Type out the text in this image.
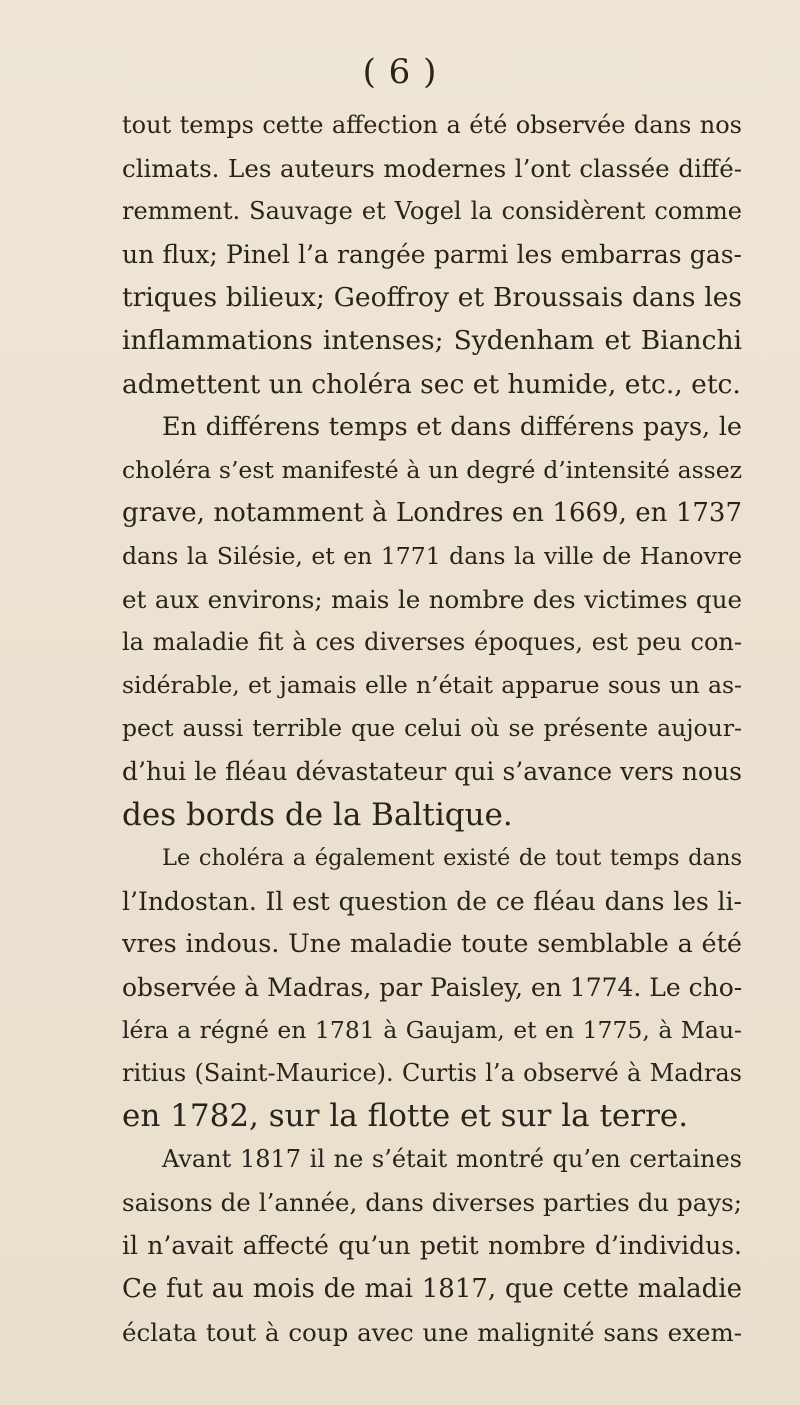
( 6 )
tout temps cette affection a été observée dans nos
climats. Les auteurs modernes l’ont classée diffé-
remment. Sauvage et Vogel la considèrent comme
un flux; Pinel l’a rangée parmi les embarras gas-
triques bilieux; Geoffroy et Broussais dans les
inflammations intenses; Sydenham et Bianchi
admettent un choléra sec et humide, etc., etc.
En différens temps et dans différens pays, le
choléra s’est manifesté à un degré d’intensité assez
grave, notamment à Londres en 1669, en 1737
dans la Silésie, et en 1771 dans la ville de Hanovre
et aux environs; mais le nombre des victimes que
la maladie fit à ces diverses époques, est peu con-
sidérable, et jamais elle n’était apparue sous un as-
pect aussi terrible que celui où se présente aujour-
d’hui le fléau dévastateur qui s’avance vers nous
des bords de la Baltique.
Le choléra a également existé de tout temps dans
l’Indostan. Il est question de ce fléau dans les li-
vres indous. Une maladie toute semblable a été
observée à Madras, par Paisley, en 1774. Le cho-
léra a régné en 1781 à Gaujam, et en 1775, à Mau-
ritius (Saint-Maurice). Curtis l’a observé à Madras
en 1782, sur la flotte et sur la terre.
Avant 1817 il ne s’était montré qu’en certaines
saisons de l’année, dans diverses parties du pays;
il n’avait affecté qu’un petit nombre d’individus.
Ce fut au mois de mai 1817, que cette maladie
éclata tout à coup avec une malignité sans exem-
